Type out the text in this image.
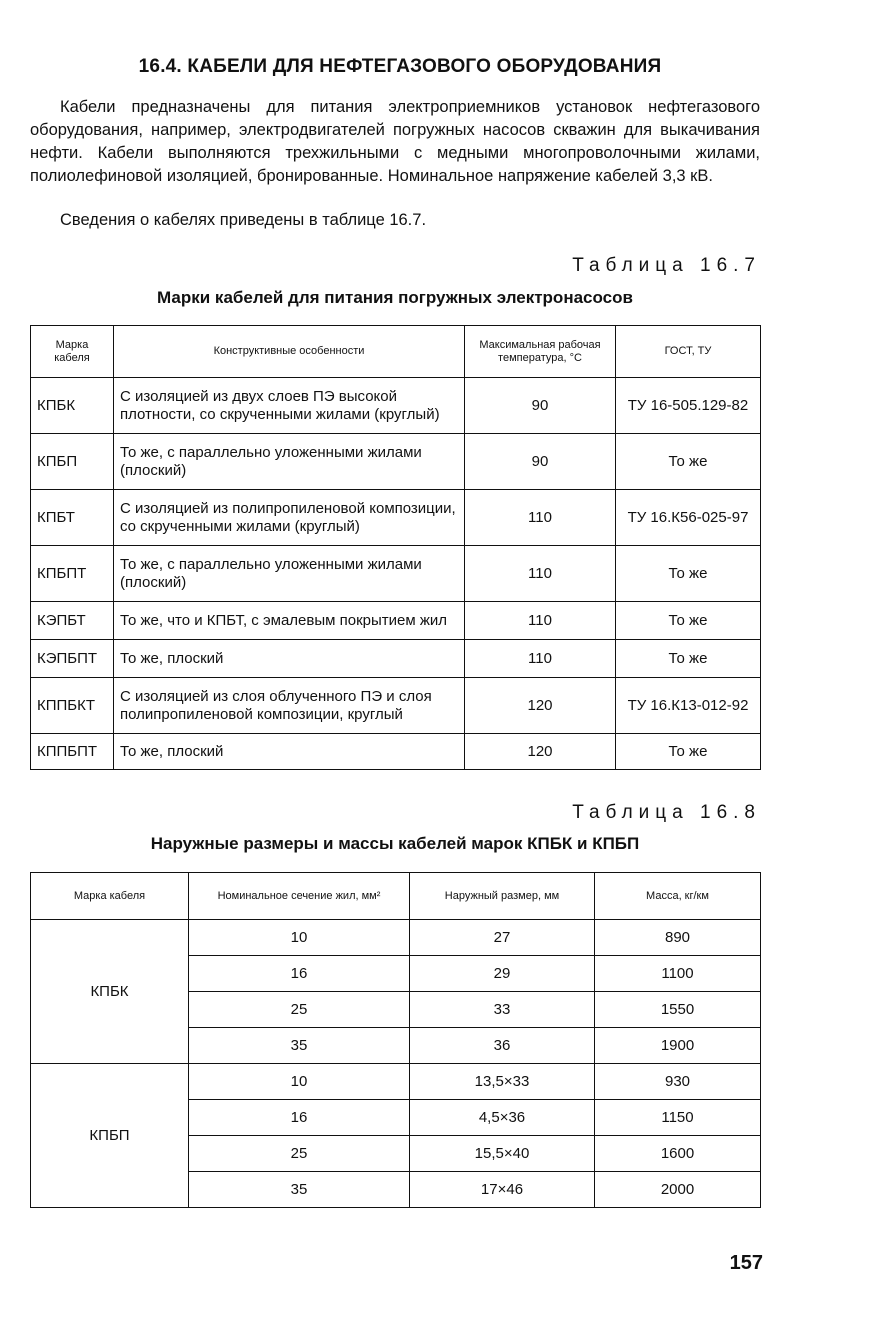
16.4. КАБЕЛИ ДЛЯ НЕФТЕГАЗОВОГО ОБОРУДОВАНИЯ

Кабели предназначены для питания электроприемников установок нефтегазового оборудования, например, электродвигателей погружных насосов скважин для выкачивания нефти. Кабели выполняются трехжильными с медными многопроволочными жилами, полиолефиновой изоляцией, бронированные. Номинальное напряжение кабелей 3,3 кВ.

Сведения о кабелях приведены в таблице 16.7.

Таблица 16.7
Марки кабелей для питания погружных электронасосов
Марка кабеля	Конструктивные особенности	Максимальная рабочая температура, °С	ГОСТ, ТУ
КПБК	С изоляцией из двух слоев ПЭ высокой плотности, со скрученными жилами (круглый)	90	ТУ 16-505.129-82
КПБП	То же, с параллельно уложенными жилами (плоский)	90	То же
КПБТ	С изоляцией из полипропиленовой композиции, со скрученными жилами (круглый)	110	ТУ 16.К56-025-97
КПБПТ	То же, с параллельно уложенными жилами (плоский)	110	То же
КЭПБТ	То же, что и КПБТ, с эмалевым покрытием жил	110	То же
КЭПБПТ	То же, плоский	110	То же
КППБКТ	С изоляцией из слоя облученного ПЭ и слоя полипропиленовой композиции, круглый	120	ТУ 16.К13-012-92
КППБПТ	То же, плоский	120	То же
Таблица 16.8
Наружные размеры и массы кабелей марок КПБК и КПБП
Марка кабеля	Номинальное сечение жил, мм²	Наружный размер, мм	Масса, кг/км
КПБК	10	27	890
	16	29	1100
	25	33	1550
	35	36	1900
КПБП	10	13,5×33	930
	16	4,5×36	1150
	25	15,5×40	1600
	35	17×46	2000
157
